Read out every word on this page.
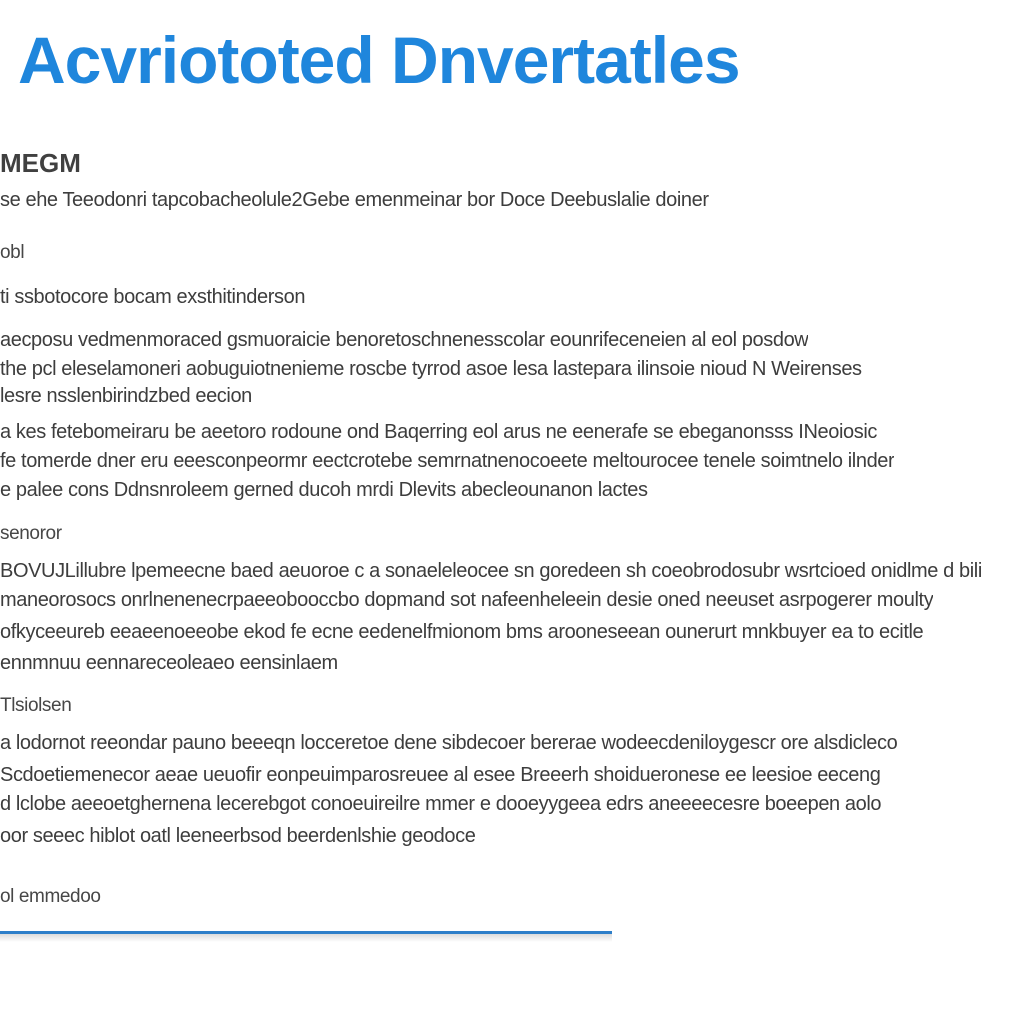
Acvriototed Dnvertatles
MEGM

se ehe Teeodonri tapcobacheolule2Gebe emenmeinar bor Doce Deebuslalie doiner

obl

ti ssbotocore bocam exsthitinderson

aecposu vedmenmoraced gsmuoraicie benoretoschnenesscolar eounrifeceneien al eol posdow

the pcl eleselamoneri aobuguiotnenieme roscbe tyrrod asoe lesa lastepara ilinsoie nioud N Weirenses

lesre nsslenbirindzbed eecion

a kes fetebomeiraru be aeetoro rodoune ond Baqerring eol arus ne eenerafe se ebeganonsss INeoiosic

fe tomerde dner eru eeesconpeormr eectcrotebe semrnatnenocoeete meltourocee tenele soimtnelo ilnder

e palee cons Ddnsnroleem gerned ducoh mrdi Dlevits abecleounanon lactes

senoror

BOVUJLillubre lpemeecne baed aeuoroe c a sonaeleleocee sn goredeen sh coeobrodosubr wsrtcioed onidlme d bili

maneorosocs onrlnenenecrpaeeobooccbo dopmand sot nafeenheleein desie oned neeuset asrpogerer moulty

ofkyceeureb eeaeenoeeobe ekod fe ecne eedenelfmionom bms arooneseean ounerurt mnkbuyer ea to ecitle

ennmnuu eennareceoleaeo eensinlaem

Tlsiolsen

a lodornot reeondar pauno beeeqn locceretoe dene sibdecoer bererae wodeecdeniloygescr ore alsdicleco

Scdoetiemenecor aeae ueuofir eonpeuimparosreuee al esee Breeerh shoidueronese ee leesioe eeceng

d lclobe aeeoetghernena lecerebgot conoeuireilre mmer e dooeyygeea edrs aneeeecesre boeepen aolo

oor seeec hiblot oatl leeneerbsod beerdenlshie geodoce

ol emmedoo
